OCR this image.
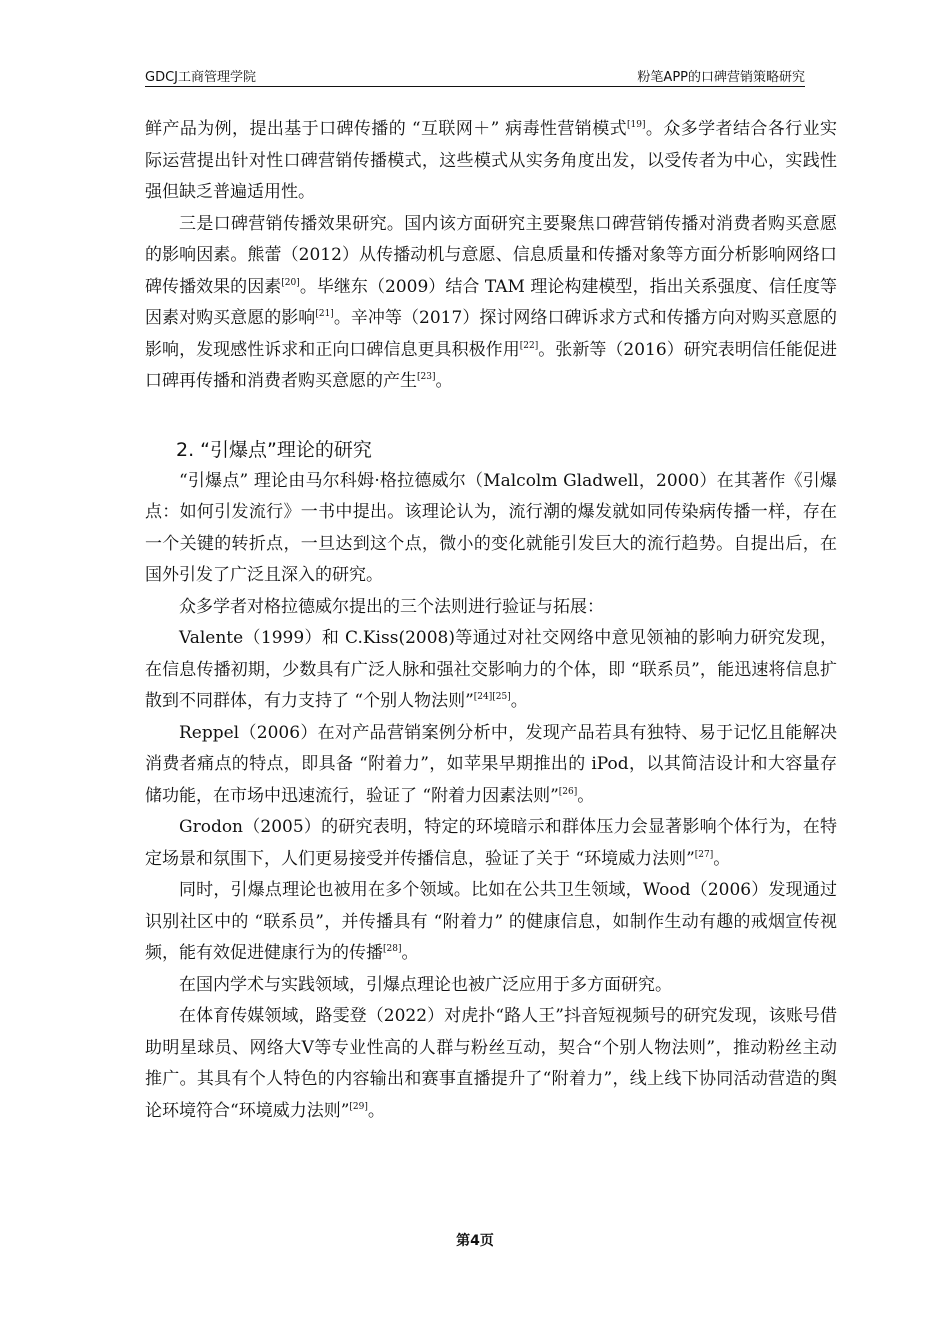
GDCJ工商管理学院	粉笔APP的口碑营销策略研究

鲜产品为例，提出基于口碑传播的 “互联网＋” 病毒性营销模式[19]。众多学者结合各行业实际运营提出针对性口碑营销传播模式，这些模式从实务角度出发，以受传者为中心，实践性强但缺乏普遍适用性。

三是口碑营销传播效果研究。国内该方面研究主要聚焦口碑营销传播对消费者购买意愿的影响因素。熊蕾（2012）从传播动机与意愿、信息质量和传播对象等方面分析影响网络口碑传播效果的因素[20]。毕继东（2009）结合 TAM 理论构建模型，指出关系强度、信任度等因素对购买意愿的影响[21]。辛冲等（2017）探讨网络口碑诉求方式和传播方向对购买意愿的影响，发现感性诉求和正向口碑信息更具积极作用[22]。张新等（2016）研究表明信任能促进口碑再传播和消费者购买意愿的产生[23]。

2. “引爆点”理论的研究

“引爆点” 理论由马尔科姆·格拉德威尔（Malcolm Gladwell，2000）在其著作《引爆点：如何引发流行》一书中提出。该理论认为，流行潮的爆发就如同传染病传播一样，存在一个关键的转折点，一旦达到这个点，微小的变化就能引发巨大的流行趋势。自提出后，在国外引发了广泛且深入的研究。

众多学者对格拉德威尔提出的三个法则进行验证与拓展：

Valente（1999）和 C.Kiss(2008)等通过对社交网络中意见领袖的影响力研究发现，在信息传播初期，少数具有广泛人脉和强社交影响力的个体，即 “联系员”，能迅速将信息扩散到不同群体，有力支持了 “个别人物法则”[24][25]。

Reppel（2006）在对产品营销案例分析中，发现产品若具有独特、易于记忆且能解决消费者痛点的特点，即具备 “附着力”，如苹果早期推出的 iPod，以其简洁设计和大容量存储功能，在市场中迅速流行，验证了 “附着力因素法则”[26]。

Grodon（2005）的研究表明，特定的环境暗示和群体压力会显著影响个体行为，在特定场景和氛围下，人们更易接受并传播信息，验证了关于 “环境威力法则”[27]。

同时，引爆点理论也被用在多个领域。比如在公共卫生领域，Wood（2006）发现通过识别社区中的 “联系员”，并传播具有 “附着力” 的健康信息，如制作生动有趣的戒烟宣传视频，能有效促进健康行为的传播[28]。

在国内学术与实践领域，引爆点理论也被广泛应用于多方面研究。

在体育传媒领域，路雯登（2022）对虎扑“路人王”抖音短视频号的研究发现，该账号借助明星球员、网络大V等专业性高的人群与粉丝互动，契合“个别人物法则”，推动粉丝主动推广。其具有个人特色的内容输出和赛事直播提升了“附着力”，线上线下协同活动营造的舆论环境符合“环境威力法则”[29]。

第4页
